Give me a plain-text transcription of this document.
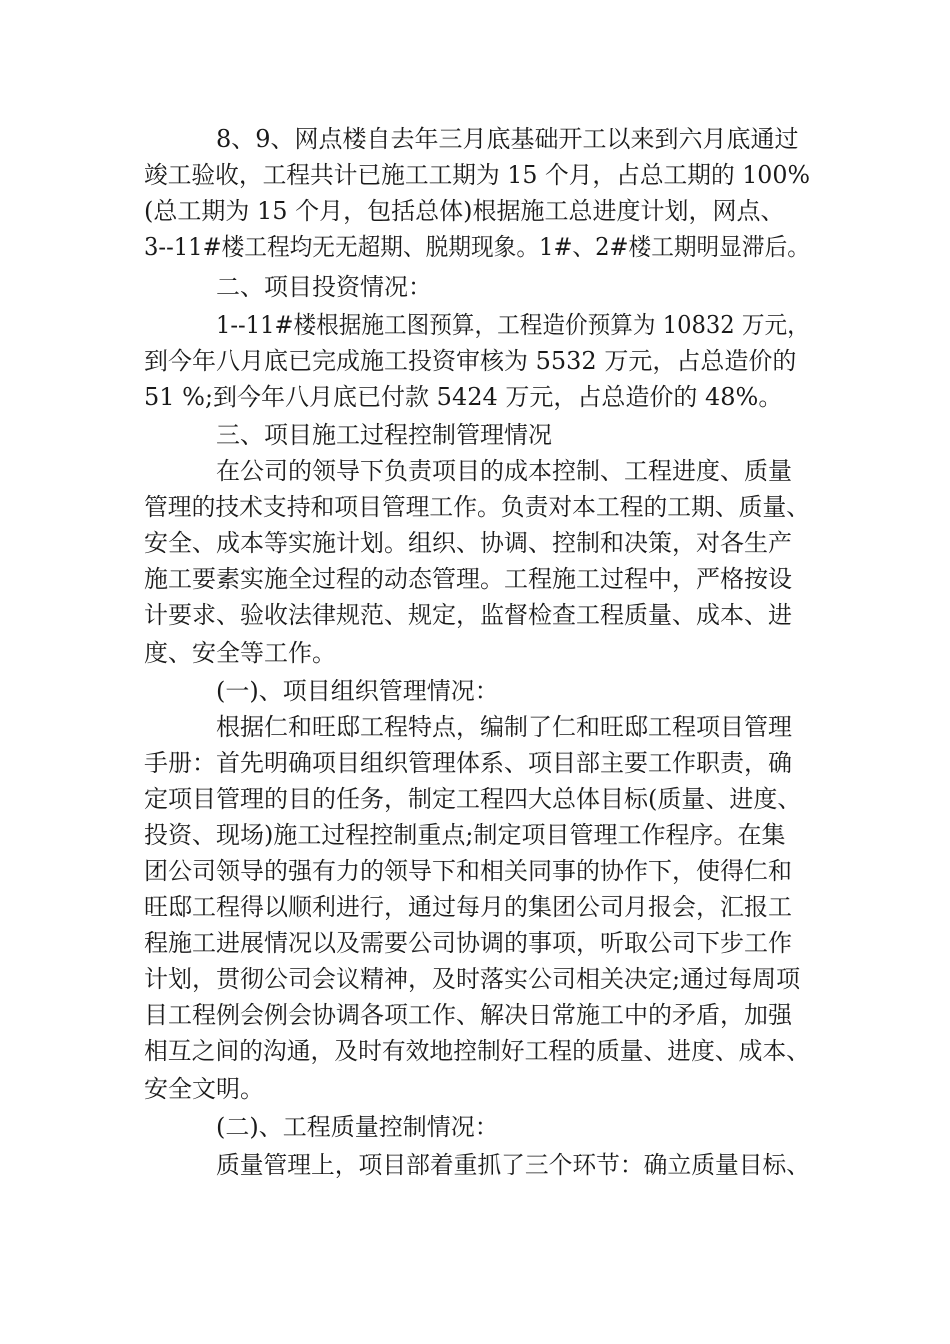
8、9、网点楼自去年三月底基础开工以来到六月底通过
竣工验收，工程共计已施工工期为 15 个月，占总工期的 100%
(总工期为 15 个月，包括总体)根据施工总进度计划，网点、
3--11#楼工程均无无超期、脱期现象。1#、2#楼工期明显滞后。
二、项目投资情况：
1--11#楼根据施工图预算，工程造价预算为 10832 万元，
到今年八月底已完成施工投资审核为 5532 万元，占总造价的
51 %;到今年八月底已付款 5424 万元，占总造价的 48%。
三、项目施工过程控制管理情况
在公司的领导下负责项目的成本控制、工程进度、质量
管理的技术支持和项目管理工作。负责对本工程的工期、质量、
安全、成本等实施计划。组织、协调、控制和决策，对各生产
施工要素实施全过程的动态管理。工程施工过程中，严格按设
计要求、验收法律规范、规定，监督检查工程质量、成本、进
度、安全等工作。
(一)、项目组织管理情况：
根据仁和旺邸工程特点，编制了仁和旺邸工程项目管理
手册：首先明确项目组织管理体系、项目部主要工作职责，确
定项目管理的目的任务，制定工程四大总体目标(质量、进度、
投资、现场)施工过程控制重点;制定项目管理工作程序。在集
团公司领导的强有力的领导下和相关同事的协作下，使得仁和
旺邸工程得以顺利进行，通过每月的集团公司月报会，汇报工
程施工进展情况以及需要公司协调的事项，听取公司下步工作
计划，贯彻公司会议精神，及时落实公司相关决定;通过每周项
目工程例会例会协调各项工作、解决日常施工中的矛盾，加强
相互之间的沟通，及时有效地控制好工程的质量、进度、成本、
安全文明。
(二)、工程质量控制情况：
质量管理上，项目部着重抓了三个环节：确立质量目标、
